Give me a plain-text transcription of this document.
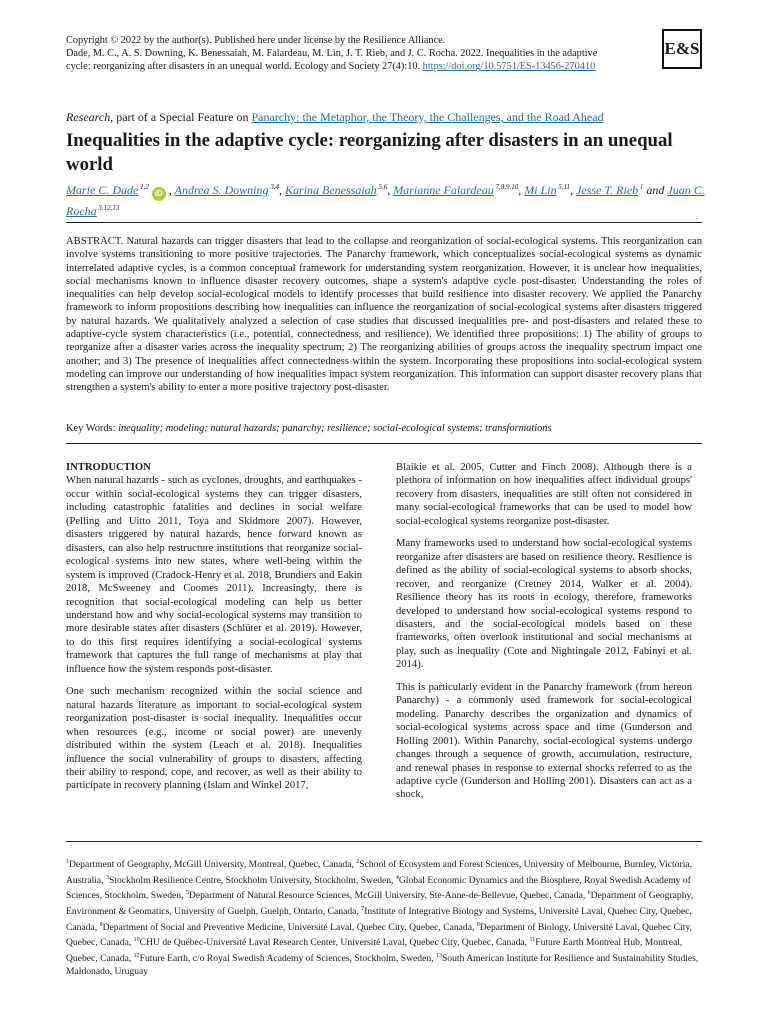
Copyright © 2022 by the author(s). Published here under license by the Resilience Alliance.
Dade, M. C., A. S. Downing, K. Benessaiah, M. Falardeau, M. Lin, J. T. Rieb, and J. C. Rocha. 2022. Inequalities in the adaptive
cycle: reorganizing after disasters in an unequal world. Ecology and Society 27(4):10. https://doi.org/10.5751/ES-13456-270410
E&S
Research, part of a Special Feature on Panarchy: the Metaphor, the Theory, the Challenges, and the Road Ahead
Inequalities in the adaptive cycle: reorganizing after disasters in an unequal world
Marie C. Dade $^{1,2}$ iD , Andrea S. Downing $^{3,4}$, Karina Benessaiah $^{5,6}$, Marianne Falardeau $^{7,8,9,10}$, Mi Lin $^{5,11}$, Jesse T. Rieb $^1$ and Juan C. Rocha $^{3,12,13}$

ABSTRACT. Natural hazards can trigger disasters that lead to the collapse and reorganization of social-ecological systems. This reorganization can involve systems transitioning to more positive trajectories. The Panarchy framework, which conceptualizes social-ecological systems as dynamic interrelated adaptive cycles, is a common conceptual framework for understanding system reorganization. However, it is unclear how inequalities, social mechanisms known to influence disaster recovery outcomes, shape a system's adaptive cycle post-disaster. Understanding the roles of inequalities can help develop social-ecological models to identify processes that build resilience into disaster recovery. We applied the Panarchy framework to inform propositions describing how inequalities can influence the reorganization of social-ecological systems after disasters triggered by natural hazards. We qualitatively analyzed a selection of case studies that discussed inequalities pre- and post-disasters and related these to adaptive-cycle system characteristics (i.e., potential, connectedness, and resilience). We identified three propositions: 1) The ability of groups to reorganize after a disaster varies across the inequality spectrum; 2) The reorganizing abilities of groups across the inequality spectrum impact one another; and 3) The presence of inequalities affect connectedness within the system. Incorporating these propositions into social-ecological system modeling can improve our understanding of how inequalities impact system reorganization. This information can support disaster recovery plans that strengthen a system's ability to enter a more positive trajectory post-disaster.

Key Words: inequality; modeling; natural hazards; panarchy; resilience; social-ecological systems; transformations
INTRODUCTION

When natural hazards - such as cyclones, droughts, and earthquakes - occur within social-ecological systems they can trigger disasters, including catastrophic fatalities and declines in social welfare (Pelling and Uitto 2011, Toya and Skidmore 2007). However, disasters triggered by natural hazards, hence forward known as disasters, can also help restructure institutions that reorganize social-ecological systems into new states, where well-being within the system is improved (Cradock-Henry et al. 2018, Brundiers and Eakin 2018, McSweeney and Coomes 2011). Increasingly, there is recognition that social-ecological modeling can help us better understand how and why social-ecological systems may transition to more desirable states after disasters (Schlüter et al. 2019). However, to do this first requires identifying a social-ecological systems framework that captures the full range of mechanisms at play that influence how the system responds post-disaster.

One such mechanism recognized within the social science and natural hazards literature as important to social-ecological system reorganization post-disaster is social inequality. Inequalities occur when resources (e.g., income or social power) are unevenly distributed within the system (Leach et al. 2018). Inequalities influence the social vulnerability of groups to disasters, affecting their ability to respond, cope, and recover, as well as their ability to participate in recovery planning (Islam and Winkel 2017,

Blaikie et al. 2005, Cutter and Finch 2008). Although there is a plethora of information on how inequalities affect individual groups' recovery from disasters, inequalities are still often not considered in many social-ecological frameworks that can be used to model how social-ecological systems reorganize post-disaster.

Many frameworks used to understand how social-ecological systems reorganize after disasters are based on resilience theory. Resilience is defined as the ability of social-ecological systems to absorb shocks, recover, and reorganize (Cretney 2014, Walker et al. 2004). Resilience theory has its roots in ecology, therefore, frameworks developed to understand how social-ecological systems respond to disasters, and the social-ecological models based on these frameworks, often overlook institutional and social mechanisms at play, such as inequality (Cote and Nightingale 2012, Fabinyi et al. 2014).

This is particularly evident in the Panarchy framework (from hereon Panarchy) - a commonly used framework for social-ecological modeling. Panarchy describes the organization and dynamics of social-ecological systems across space and time (Gunderson and Holling 2001). Within Panarchy, social-ecological systems undergo changes through a sequence of growth, accumulation, restructure, and renewal phases in response to external shocks referred to as the adaptive cycle (Gunderson and Holling 2001). Disasters can act as a shock,

$^1$Department of Geography, McGill University, Montreal, Quebec, Canada, $^2$School of Ecosystem and Forest Sciences, University of Melbourne, Burnley, Victoria, Australia, $^3$Stockholm Resilience Centre, Stockholm University, Stockholm, Sweden, $^4$Global Economic Dynamics and the Biosphere, Royal Swedish Academy of Sciences, Stockholm, Sweden, $^5$Department of Natural Resource Sciences, McGill University, Ste-Anne-de-Bellevue, Quebec, Canada, $^6$Department of Geography, Environment & Geomatics, University of Guelph, Guelph, Ontario, Canada, $^7$Institute of Integrative Biology and Systems, Université Laval, Quebec City, Quebec, Canada, $^8$Department of Social and Preventive Medicine, Université Laval, Quebec City, Quebec, Canada, $^9$Department of Biology, Université Laval, Quebec City, Quebec, Canada, $^{10}$CHU de Québec-Université Laval Research Center, Université Laval, Quebec City, Quebec, Canada, $^{11}$Future Earth Montreal Hub, Montreal, Quebec, Canada, $^{12}$Future Earth, c/o Royal Swedish Academy of Sciences, Stockholm, Sweden, $^{13}$South American Institute for Resilience and Sustainability Studies, Maldonado, Uruguay
